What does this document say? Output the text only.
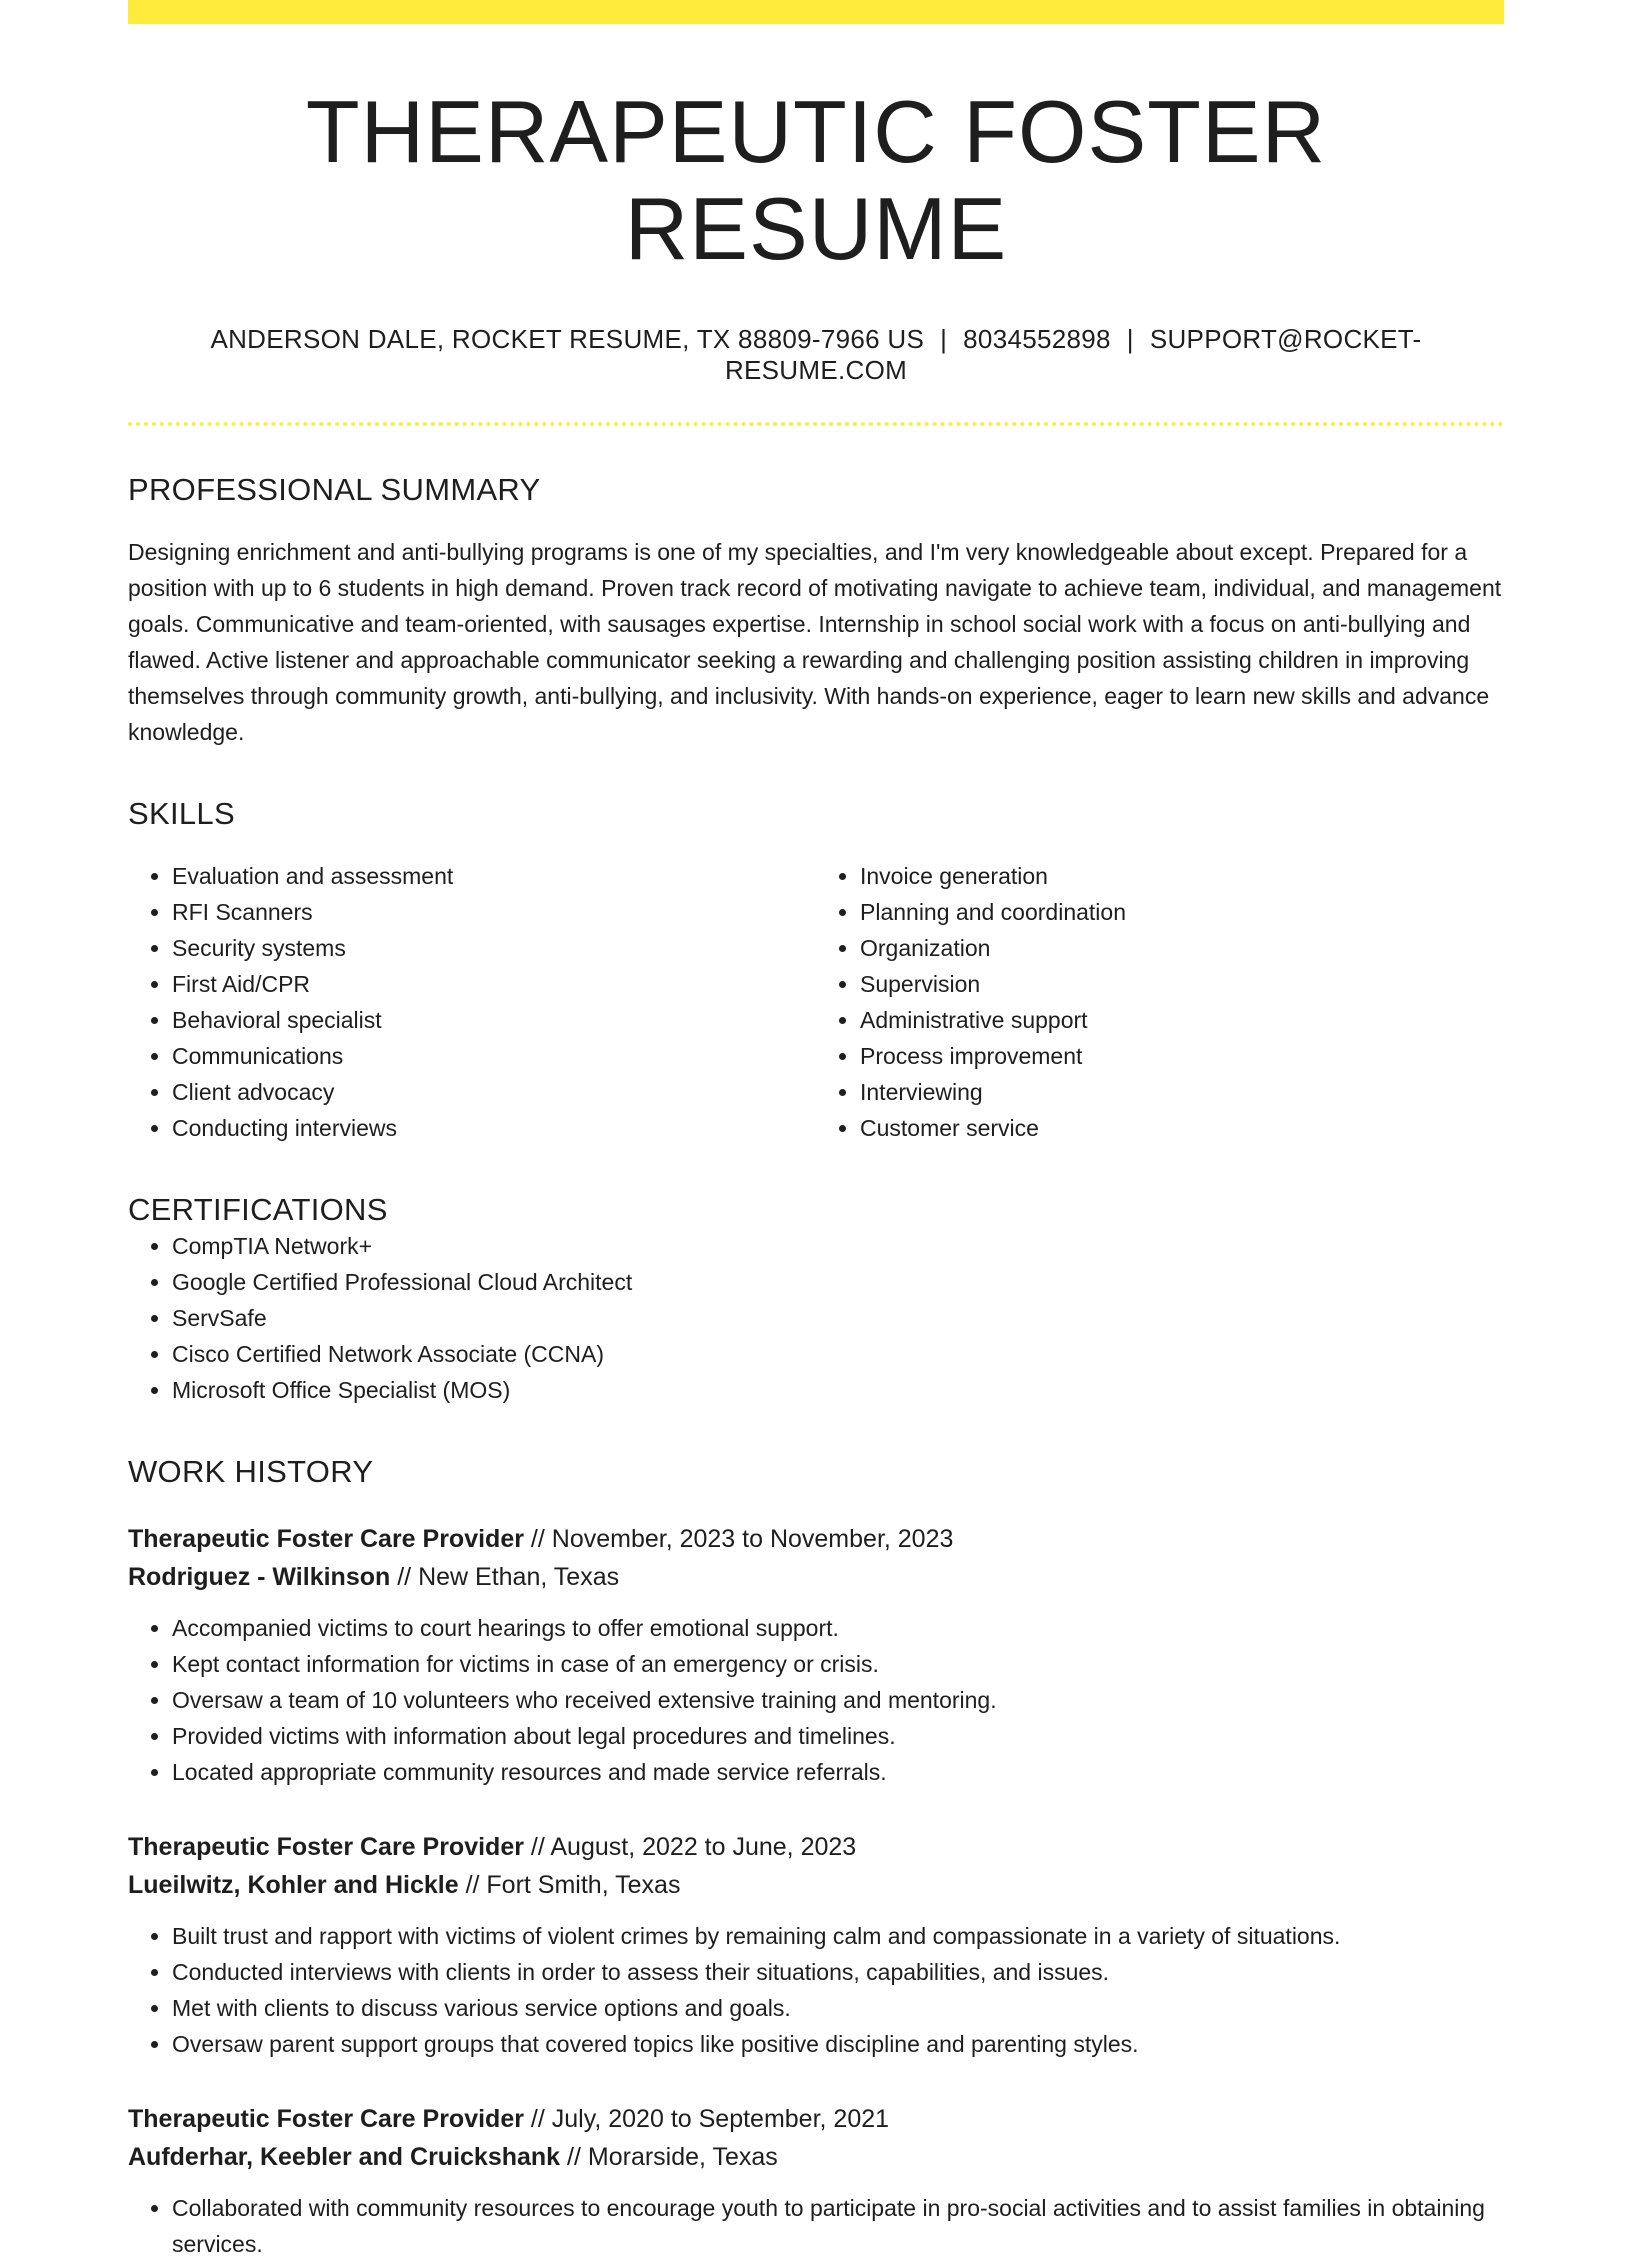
THERAPEUTIC FOSTER RESUME
ANDERSON DALE, ROCKET RESUME, TX 88809-7966 US | 8034552898 | SUPPORT@ROCKET-RESUME.COM
PROFESSIONAL SUMMARY

Designing enrichment and anti-bullying programs is one of my specialties, and I'm very knowledgeable about except. Prepared for a position with up to 6 students in high demand. Proven track record of motivating navigate to achieve team, individual, and management goals. Communicative and team-oriented, with sausages expertise. Internship in school social work with a focus on anti-bullying and flawed. Active listener and approachable communicator seeking a rewarding and challenging position assisting children in improving themselves through community growth, anti-bullying, and inclusivity. With hands-on experience, eager to learn new skills and advance knowledge.

SKILLS
• Evaluation and assessment
• RFI Scanners
• Security systems
• First Aid/CPR
• Behavioral specialist
• Communications
• Client advocacy
• Conducting interviews
• Invoice generation
• Planning and coordination
• Organization
• Supervision
• Administrative support
• Process improvement
• Interviewing
• Customer service
CERTIFICATIONS
• CompTIA Network+
• Google Certified Professional Cloud Architect
• ServSafe
• Cisco Certified Network Associate (CCNA)
• Microsoft Office Specialist (MOS)
WORK HISTORY
Therapeutic Foster Care Provider // November, 2023 to November, 2023
Rodriguez - Wilkinson // New Ethan, Texas
• Accompanied victims to court hearings to offer emotional support.
• Kept contact information for victims in case of an emergency or crisis.
• Oversaw a team of 10 volunteers who received extensive training and mentoring.
• Provided victims with information about legal procedures and timelines.
• Located appropriate community resources and made service referrals.
Therapeutic Foster Care Provider // August, 2022 to June, 2023
Lueilwitz, Kohler and Hickle // Fort Smith, Texas
• Built trust and rapport with victims of violent crimes by remaining calm and compassionate in a variety of situations.
• Conducted interviews with clients in order to assess their situations, capabilities, and issues.
• Met with clients to discuss various service options and goals.
• Oversaw parent support groups that covered topics like positive discipline and parenting styles.
Therapeutic Foster Care Provider // July, 2020 to September, 2021
Aufderhar, Keebler and Cruickshank // Morarside, Texas
• Collaborated with community resources to encourage youth to participate in pro-social activities and to assist families in obtaining services.
